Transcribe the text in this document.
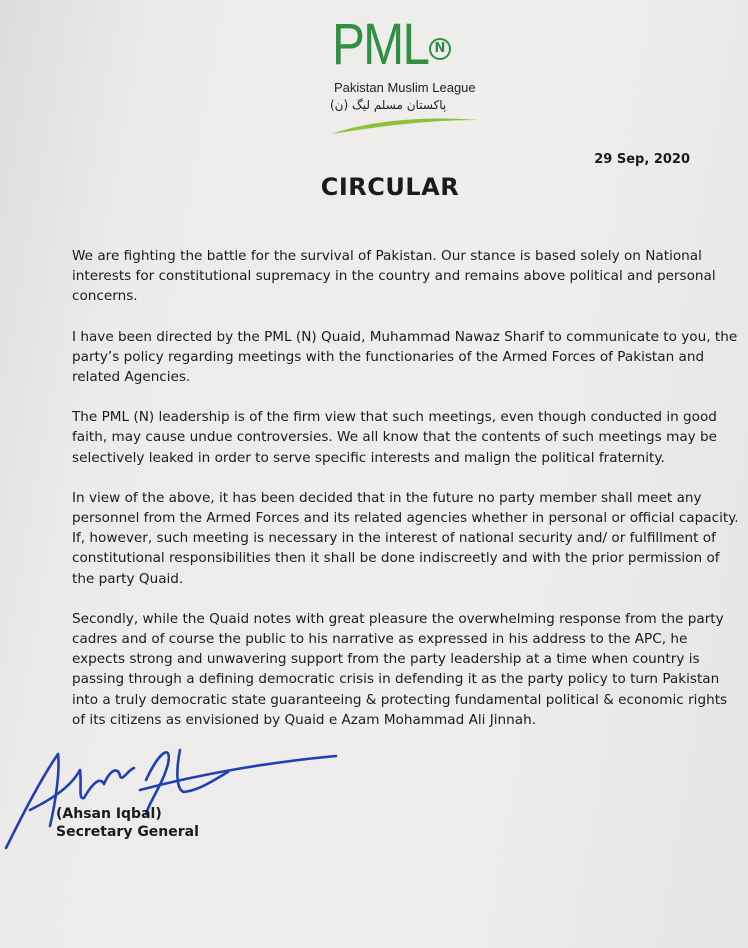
PML N
Pakistan Muslim League
پاکستان مسلم لیگ (ن)
29 Sep, 2020
CIRCULAR

We are fighting the battle for the survival of Pakistan. Our stance is based solely on National interests for constitutional supremacy in the country and remains above political and personal concerns.

I have been directed by the PML (N) Quaid, Muhammad Nawaz Sharif to communicate to you, the party’s policy regarding meetings with the functionaries of the Armed Forces of Pakistan and related Agencies.

The PML (N) leadership is of the firm view that such meetings, even though conducted in good faith, may cause undue controversies. We all know that the contents of such meetings may be selectively leaked in order to serve specific interests and malign the political fraternity.

In view of the above, it has been decided that in the future no party member shall meet any personnel from the Armed Forces and its related agencies whether in personal or official capacity. If, however, such meeting is necessary in the interest of national security and/ or fulfillment of constitutional responsibilities then it shall be done indiscreetly and with the prior permission of the party Quaid.

Secondly, while the Quaid notes with great pleasure the overwhelming response from the party cadres and of course the public to his narrative as expressed in his address to the APC, he expects strong and unwavering support from the party leadership at a time when country is passing through a defining democratic crisis in defending it as the party policy to turn Pakistan into a truly democratic state guaranteeing & protecting fundamental political & economic rights of its citizens as envisioned by Quaid e Azam Mohammad Ali Jinnah.

(Ahsan Iqbal)
Secretary General
